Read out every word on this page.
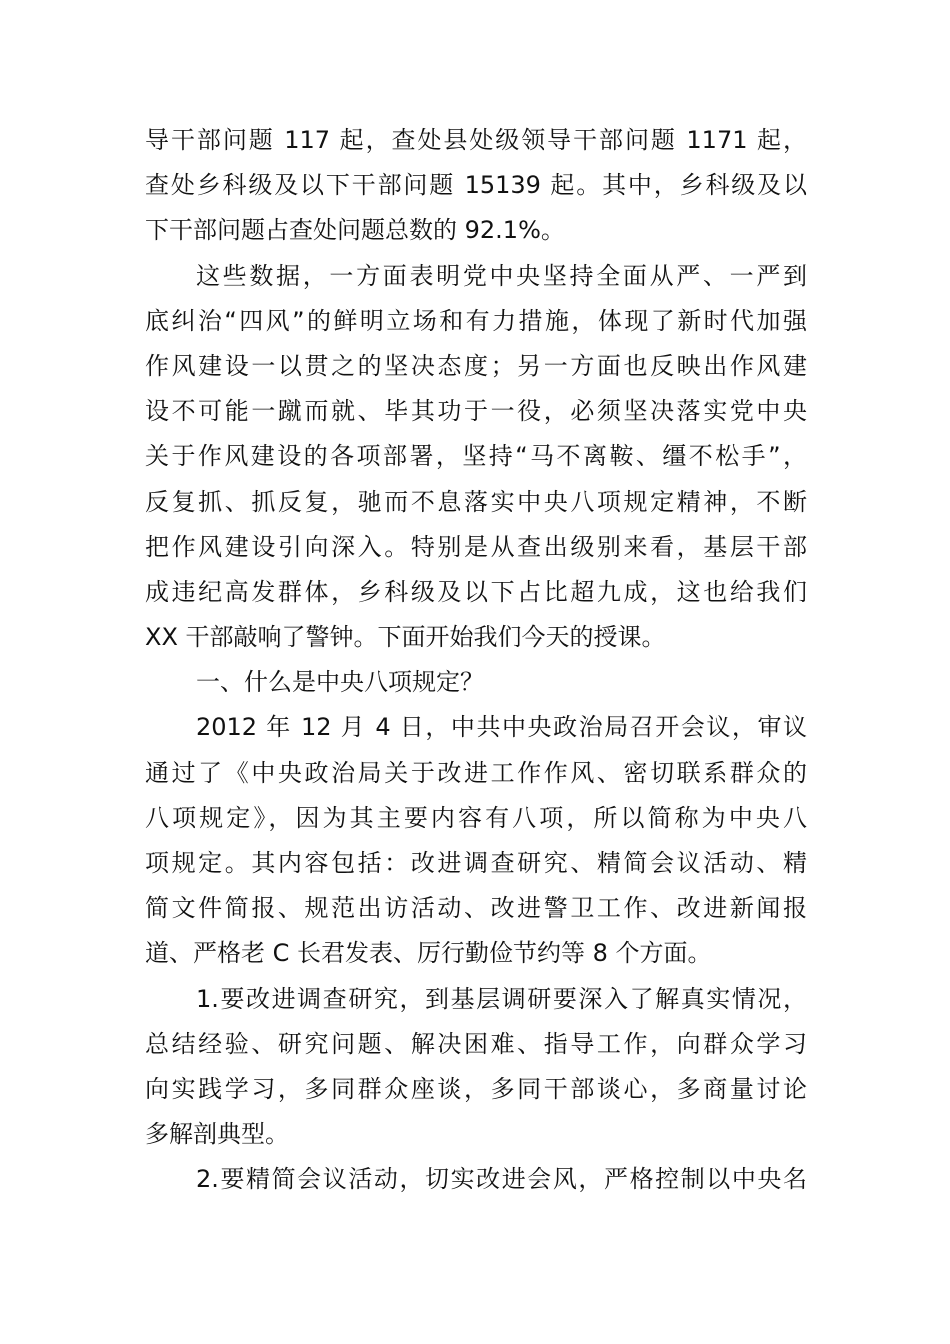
导干部问题 117 起，查处县处级领导干部问题 1171 起，
查处乡科级及以下干部问题 15139 起。其中，乡科级及以
下干部问题占查处问题总数的 92.1%。
这些数据，一方面表明党中央坚持全面从严、一严到
底纠治“四风”的鲜明立场和有力措施，体现了新时代加强
作风建设一以贯之的坚决态度；另一方面也反映出作风建
设不可能一蹴而就、毕其功于一役，必须坚决落实党中央
关于作风建设的各项部署，坚持“马不离鞍、缰不松手”，
反复抓、抓反复，驰而不息落实中央八项规定精神，不断
把作风建设引向深入。特别是从查出级别来看，基层干部
成违纪高发群体，乡科级及以下占比超九成，这也给我们
XX 干部敲响了警钟。下面开始我们今天的授课。
一、什么是中央八项规定？
2012 年 12 月 4 日，中共中央政治局召开会议，审议
通过了《中央政治局关于改进工作作风、密切联系群众的
八项规定》，因为其主要内容有八项，所以简称为中央八
项规定。其内容包括：改进调查研究、精简会议活动、精
简文件简报、规范出访活动、改进警卫工作、改进新闻报
道、严格老 C 长君发表、厉行勤俭节约等 8 个方面。
1.要改进调查研究，到基层调研要深入了解真实情况，
总结经验、研究问题、解决困难、指导工作，向群众学习
向实践学习，多同群众座谈，多同干部谈心，多商量讨论
多解剖典型。
2.要精简会议活动，切实改进会风，严格控制以中央名
